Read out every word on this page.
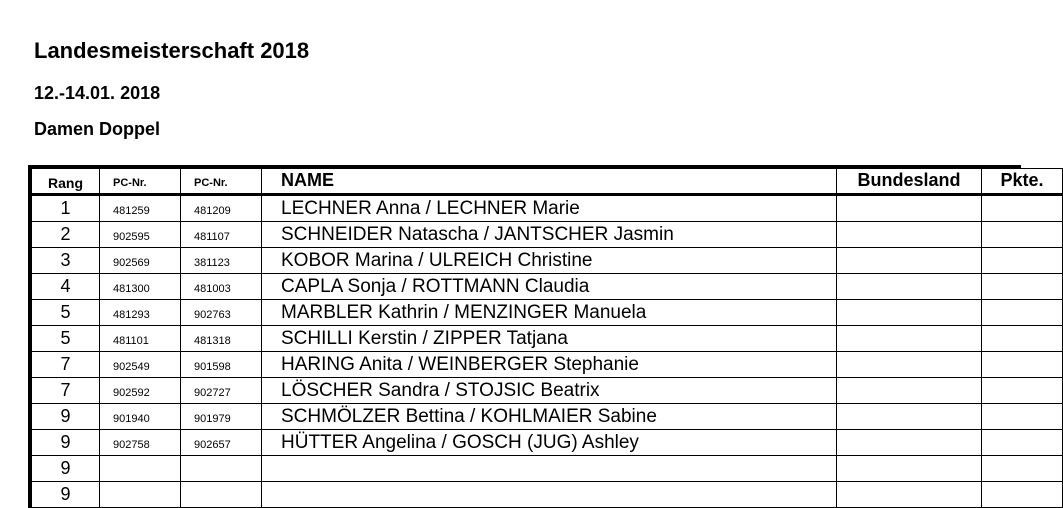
Landesmeisterschaft 2018
12.-14.01. 2018
Damen Doppel
Rang	PC-Nr.	PC-Nr.	NAME	Bundesland	Pkte.
1	481259	481209	LECHNER Anna / LECHNER Marie		
2	902595	481107	SCHNEIDER Natascha / JANTSCHER Jasmin		
3	902569	381123	KOBOR Marina / ULREICH Christine		
4	481300	481003	CAPLA Sonja / ROTTMANN Claudia		
5	481293	902763	MARBLER Kathrin / MENZINGER Manuela		
5	481101	481318	SCHILLI Kerstin / ZIPPER Tatjana		
7	902549	901598	HARING Anita / WEINBERGER Stephanie		
7	902592	902727	LÖSCHER Sandra / STOJSIC Beatrix		
9	901940	901979	SCHMÖLZER Bettina / KOHLMAIER Sabine		
9	902758	902657	HÜTTER Angelina / GOSCH (JUG) Ashley		
9					
9					
